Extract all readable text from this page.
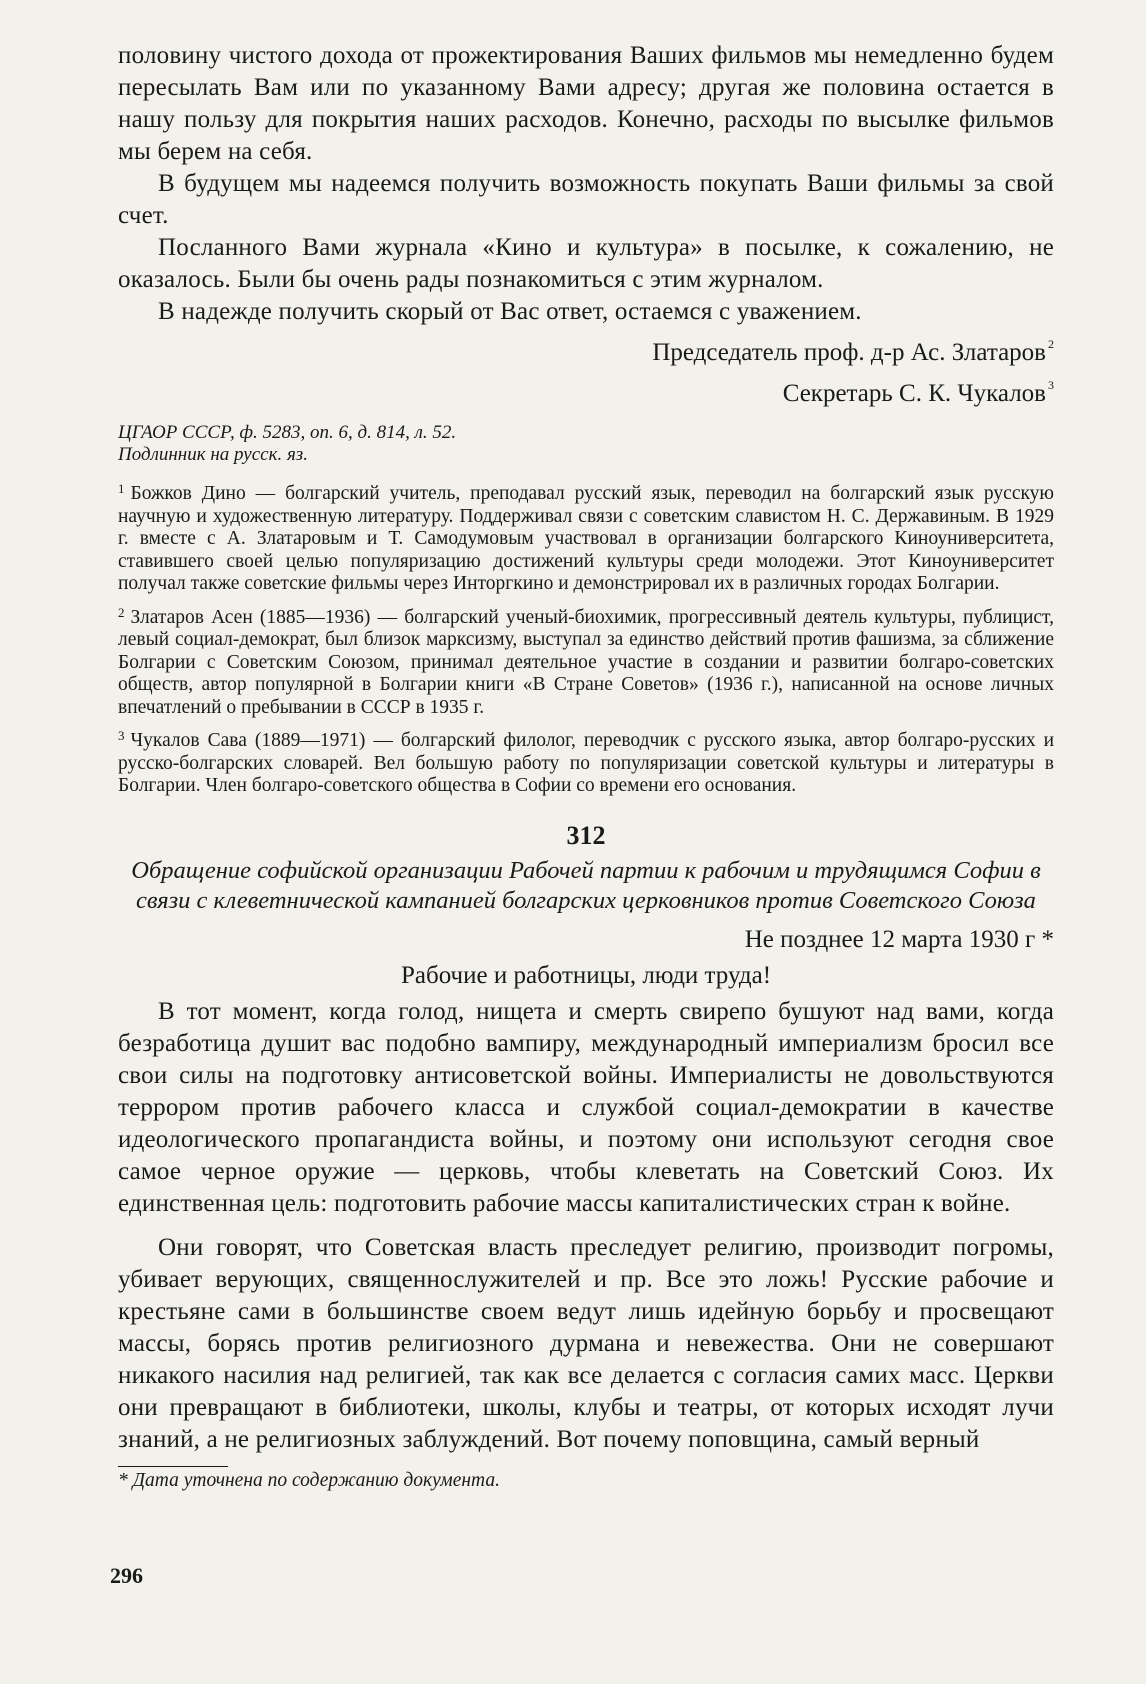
половину чистого дохода от прожектирования Ваших фильмов мы немедленно будем пересылать Вам или по указанному Вами адресу; другая же половина остается в нашу пользу для покрытия наших расходов. Конечно, расходы по высылке фильмов мы берем на себя.

В будущем мы надеемся получить возможность покупать Ваши фильмы за свой счет.

Посланного Вами журнала «Кино и культура» в посылке, к сожалению, не оказалось. Были бы очень рады познакомиться с этим журналом.

В надежде получить скорый от Вас ответ, остаемся с уважением.

Председатель проф. д-р Ас. Златаров $^2$

Секретарь С. К. Чукалов $^3$

ЦГАОР СССР, ф. 5283, оп. 6, д. 814, л. 52.
Подлинник на русск. яз.

$^1$ Божков Дино — болгарский учитель, преподавал русский язык, переводил на болгарский язык русскую научную и художественную литературу. Поддерживал связи с советским славистом Н. С. Державиным. В 1929 г. вместе с А. Златаровым и Т. Самодумовым участвовал в организации болгарского Киноуниверситета, ставившего своей целью популяризацию достижений культуры среди молодежи. Этот Киноуниверситет получал также советские фильмы через Инторгкино и демонстрировал их в различных городах Болгарии.

$^2$ Златаров Асен (1885—1936) — болгарский ученый-биохимик, прогрессивный деятель культуры, публицист, левый социал-демократ, был близок марксизму, выступал за единство действий против фашизма, за сближение Болгарии с Советским Союзом, принимал деятельное участие в создании и развитии болгаро-советских обществ, автор популярной в Болгарии книги «В Стране Советов» (1936 г.), написанной на основе личных впечатлений о пребывании в СССР в 1935 г.

$^3$ Чукалов Сава (1889—1971) — болгарский филолог, переводчик с русского языка, автор болгаро-русских и русско-болгарских словарей. Вел большую работу по популяризации советской культуры и литературы в Болгарии. Член болгаро-советского общества в Софии со времени его основания.

312
Обращение софийской организации Рабочей партии к рабочим и трудящимся Софии в связи с клеветнической кампанией болгарских церковников против Советского Союза
Не позднее 12 марта 1930 г *
Рабочие и работницы, люди труда!

В тот момент, когда голод, нищета и смерть свирепо бушуют над вами, когда безработица душит вас подобно вампиру, международный империализм бросил все свои силы на подготовку антисоветской войны. Империалисты не довольствуются террором против рабочего класса и службой социал-демократии в качестве идеологического пропагандиста войны, и поэтому они используют сегодня свое самое черное оружие — церковь, чтобы клеветать на Советский Союз. Их единственная цель: подготовить рабочие массы капиталистических стран к войне.

Они говорят, что Советская власть преследует религию, производит погромы, убивает верующих, священнослужителей и пр. Все это ложь! Русские рабочие и крестьяне сами в большинстве своем ведут лишь идейную борьбу и просвещают массы, борясь против религиозного дурмана и невежества. Они не совершают никакого насилия над религией, так как все делается с согласия самих масс. Церкви они превращают в библиотеки, школы, клубы и театры, от которых исходят лучи знаний, а не религиозных заблуждений. Вот почему поповщина, самый верный

* Дата уточнена по содержанию документа.

296
